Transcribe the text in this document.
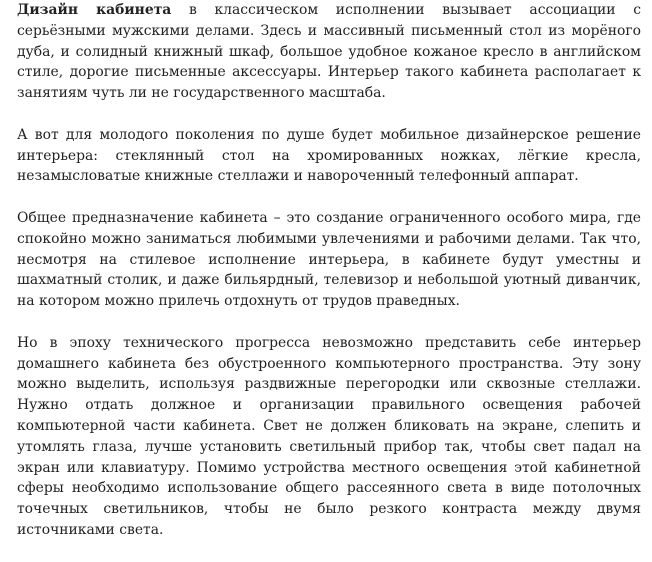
Дизайн кабинета в классическом исполнении вызывает ассоциации с серьёзными мужскими делами. Здесь и массивный письменный стол из морёного дуба, и солидный книжный шкаф, большое удобное кожаное кресло в английском стиле, дорогие письменные аксессуары. Интерьер такого кабинета располагает к занятиям чуть ли не государственного масштаба.

А вот для молодого поколения по душе будет мобильное дизайнерское решение интерьера: стеклянный стол на хромированных ножках, лёгкие кресла, незамысловатые книжные стеллажи и навороченный телефонный аппарат.

Общее предназначение кабинета – это создание ограниченного особого мира, где спокойно можно заниматься любимыми увлечениями и рабочими делами. Так что, несмотря на стилевое исполнение интерьера, в кабинете будут уместны и шахматный столик, и даже бильярдный, телевизор и небольшой уютный диванчик, на котором можно прилечь отдохнуть от трудов праведных.

Но в эпоху технического прогресса невозможно представить себе интерьер домашнего кабинета без обустроенного компьютерного пространства. Эту зону можно выделить, используя раздвижные перегородки или сквозные стеллажи. Нужно отдать должное и организации правильного освещения рабочей компьютерной части кабинета. Свет не должен бликовать на экране, слепить и утомлять глаза, лучше установить светильный прибор так, чтобы свет падал на экран или клавиатуру. Помимо устройства местного освещения этой кабинетной сферы необходимо использование общего рассеянного света в виде потолочных точечных светильников, чтобы не было резкого контраста между двумя источниками света.
